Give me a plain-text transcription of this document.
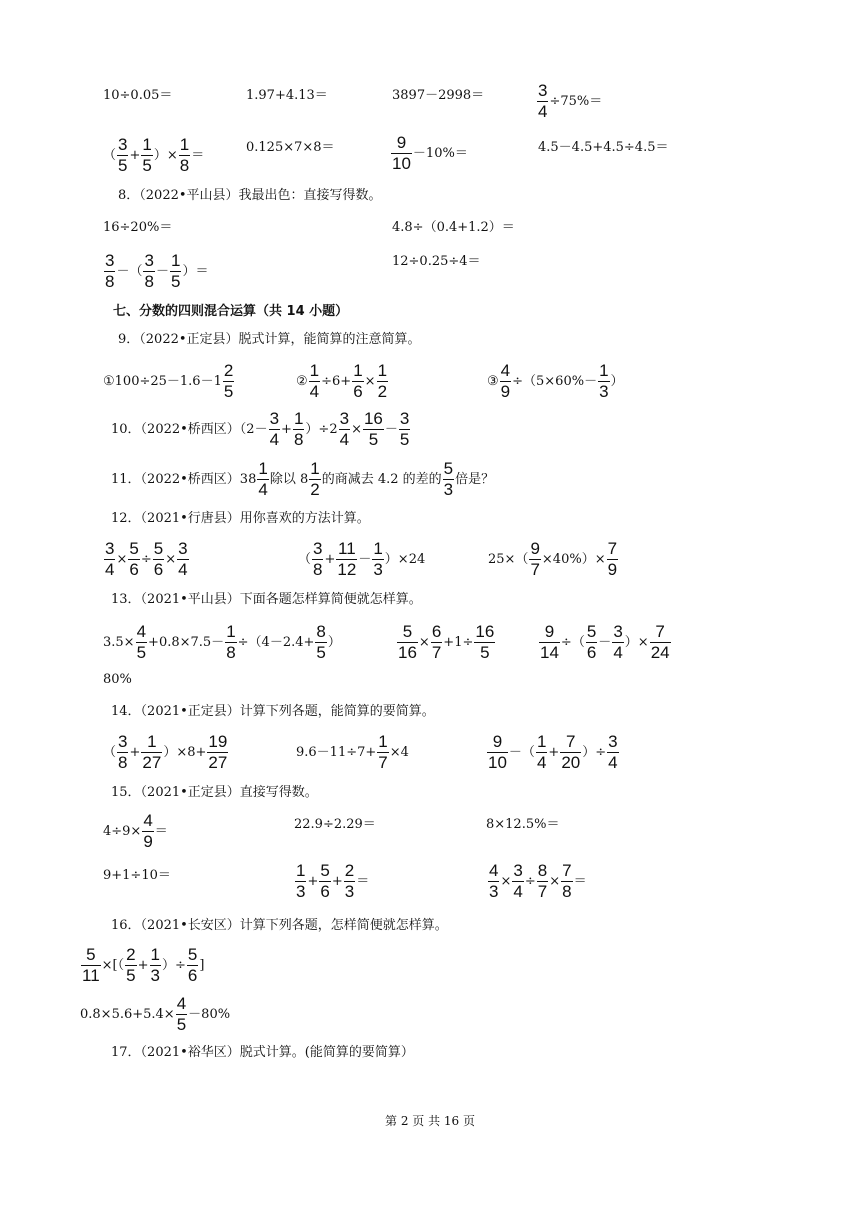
10÷0.05＝	1.97+4.13＝	3897－2998＝	$\frac{3}{4} \div 75\%=$
（ $\frac{3}{5} + \frac{1}{5}$ ）× $\frac{1}{8}$ ＝
0.125×7×8＝	$\frac{9}{10} -10\%=$	4.5－4.5+4.5÷4.5＝
8．（2022•平山县）我最出色：直接写得数。
16÷20%＝	4.8÷（0.4+1.2）＝
$\frac{3}{8}$ －（ $\frac{3}{8} - \frac{1}{5}$ ）＝
12÷0.25÷4＝
七、分数的四则混合运算（共 14 小题）
9．（2022•正定县）脱式计算，能简算的注意简算。
①100÷25－1.6－1 $\frac{2}{5}$	② $\frac{1}{4} \div 6+ \frac{1}{6} \times \frac{1}{2}$	③ $\frac{4}{9} \div(5\times 60\%- \frac{1}{3}$ ）
10．（2022•桥西区）$(2- \frac{3}{4} + \frac{1}{8} )\div 2 \frac{3}{4} \times \frac{16}{5} - \frac{3}{5}$
11．（2022•桥西区）$38 \frac{1}{4}$ 除以 $8 \frac{1}{2}$ 的商减去 4.2 的差的 $\frac{5}{3}$ 倍是？
12．（2021•行唐县）用你喜欢的方法计算。
$\frac{3}{4} \times \frac{5}{6} \div \frac{5}{6} \times \frac{3}{4}$	（ $\frac{3}{8} + \frac{11}{12} - \frac{1}{3} )\times 24$	$25\times( \frac{9}{7} \times 40\%)\times \frac{7}{9}$
13．（2021•平山县）下面各题怎样算简便就怎样算。
$3.5\times \frac{4}{5} +0.8\times 7.5- \frac{1}{8} \div(4-2.4+ \frac{8}{5}$ ）	$\frac{5}{16} \times \frac{6}{7} +1\div \frac{16}{5}$	$\frac{9}{14}$ ÷（ $\frac{5}{6} - \frac{3}{4}$ ）× $\frac{7}{24}$
80%
14．（2021•正定县）计算下列各题，能简算的要简算。
（ $\frac{3}{8} + \frac{1}{27} )\times 8+ \frac{19}{27}$	$9.6-11\div 7+ \frac{1}{7} \times 4$	$\frac{9}{10}$ －（ $\frac{1}{4} + \frac{7}{20}$ ）÷ $\frac{3}{4}$
15．（2021•正定县）直接写得数。
$4\div 9\times \frac{4}{9}$ ＝	22.9÷2.29＝	8×12.5%＝
9+1÷10＝	$\frac{1}{3} + \frac{5}{6} + \frac{2}{3}$ ＝	$\frac{4}{3} \times \frac{3}{4} \div \frac{8}{7} \times \frac{7}{8}$ ＝
16．（2021•长安区）计算下列各题，怎样简便就怎样算。
$\frac{5}{11}$ ×[（ $\frac{2}{5} + \frac{1}{3}$ ）÷ $\frac{5}{6}$ ]
$0.8\times 5.6+5.4\times \frac{4}{5} -80\%$
17．（2021•裕华区）脱式计算。(能简算的要简算）
第 2 页 共 16 页
